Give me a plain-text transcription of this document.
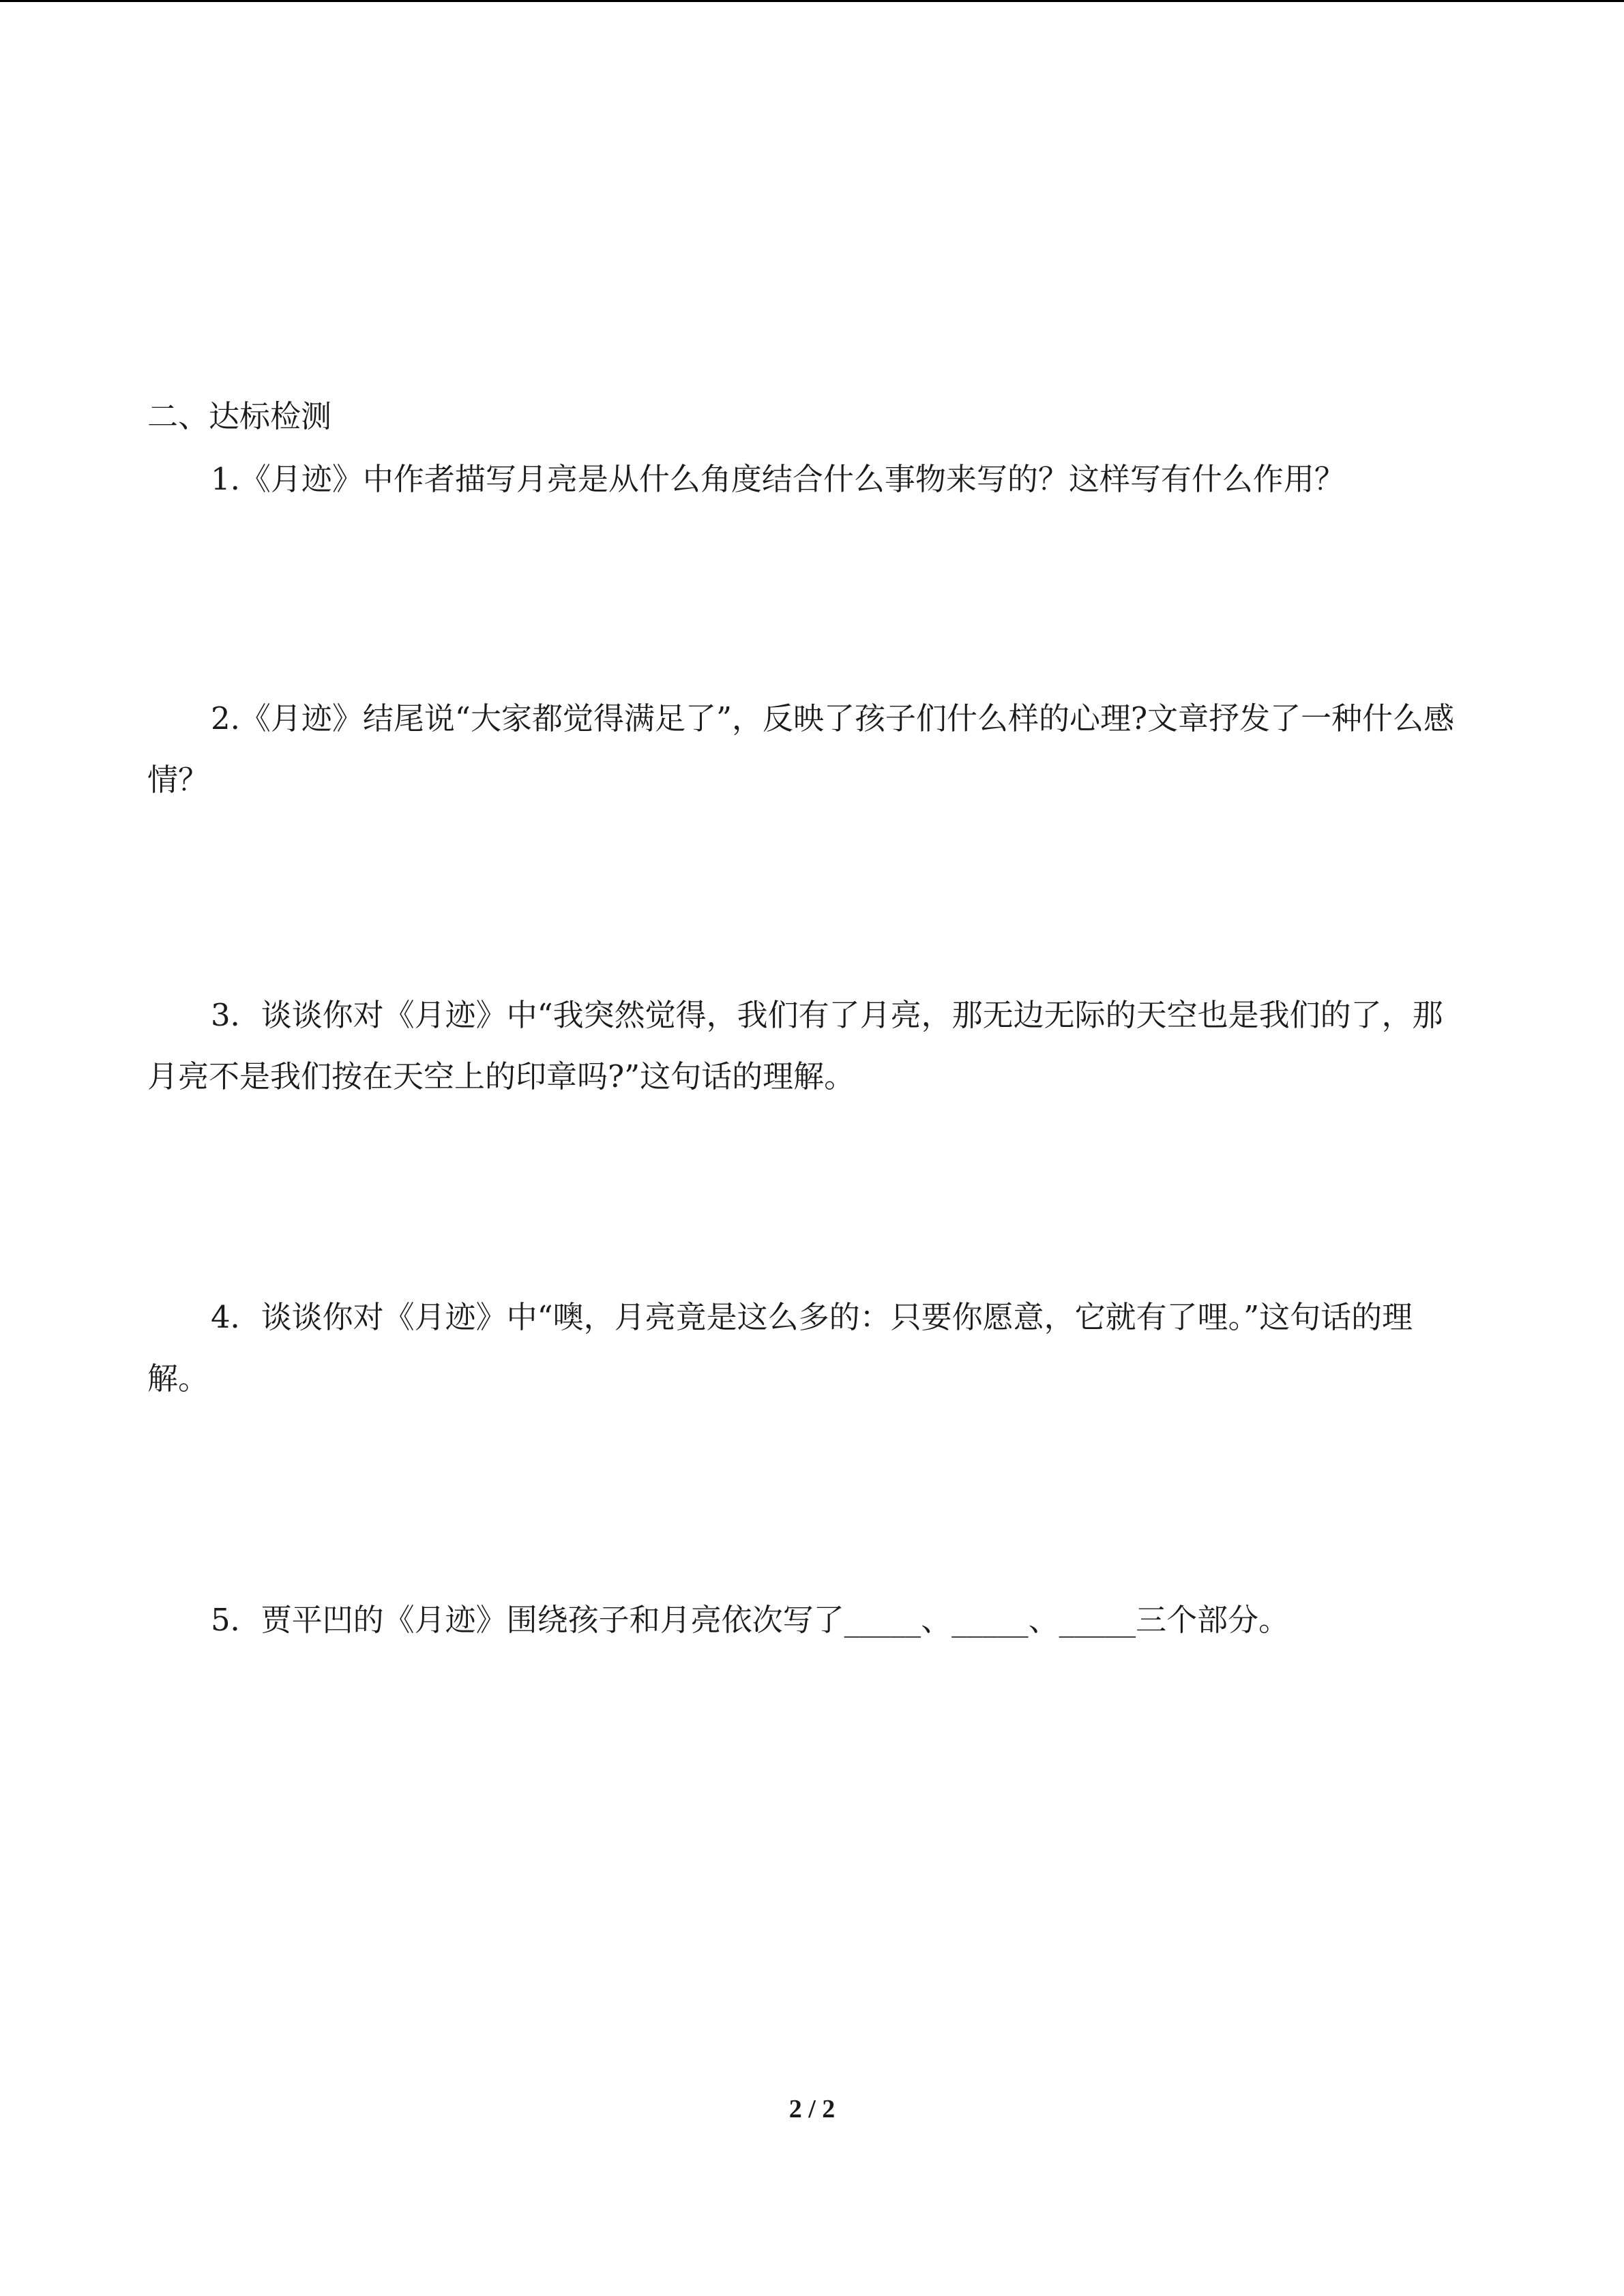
二、达标检测
1.《月迹》中作者描写月亮是从什么角度结合什么事物来写的？这样写有什么作用？
2.《月迹》结尾说“大家都觉得满足了”，反映了孩子们什么样的心理?文章抒发了一种什么感情？
3．谈谈你对《月迹》中“我突然觉得，我们有了月亮，那无边无际的天空也是我们的了，那月亮不是我们按在天空上的印章吗?”这句话的理解。
4．谈谈你对《月迹》中“噢，月亮竟是这么多的：只要你愿意，它就有了哩。”这句话的理解。
5．贾平凹的《月迹》围绕孩子和月亮依次写了_____、_____、_____三个部分。
2 / 2
